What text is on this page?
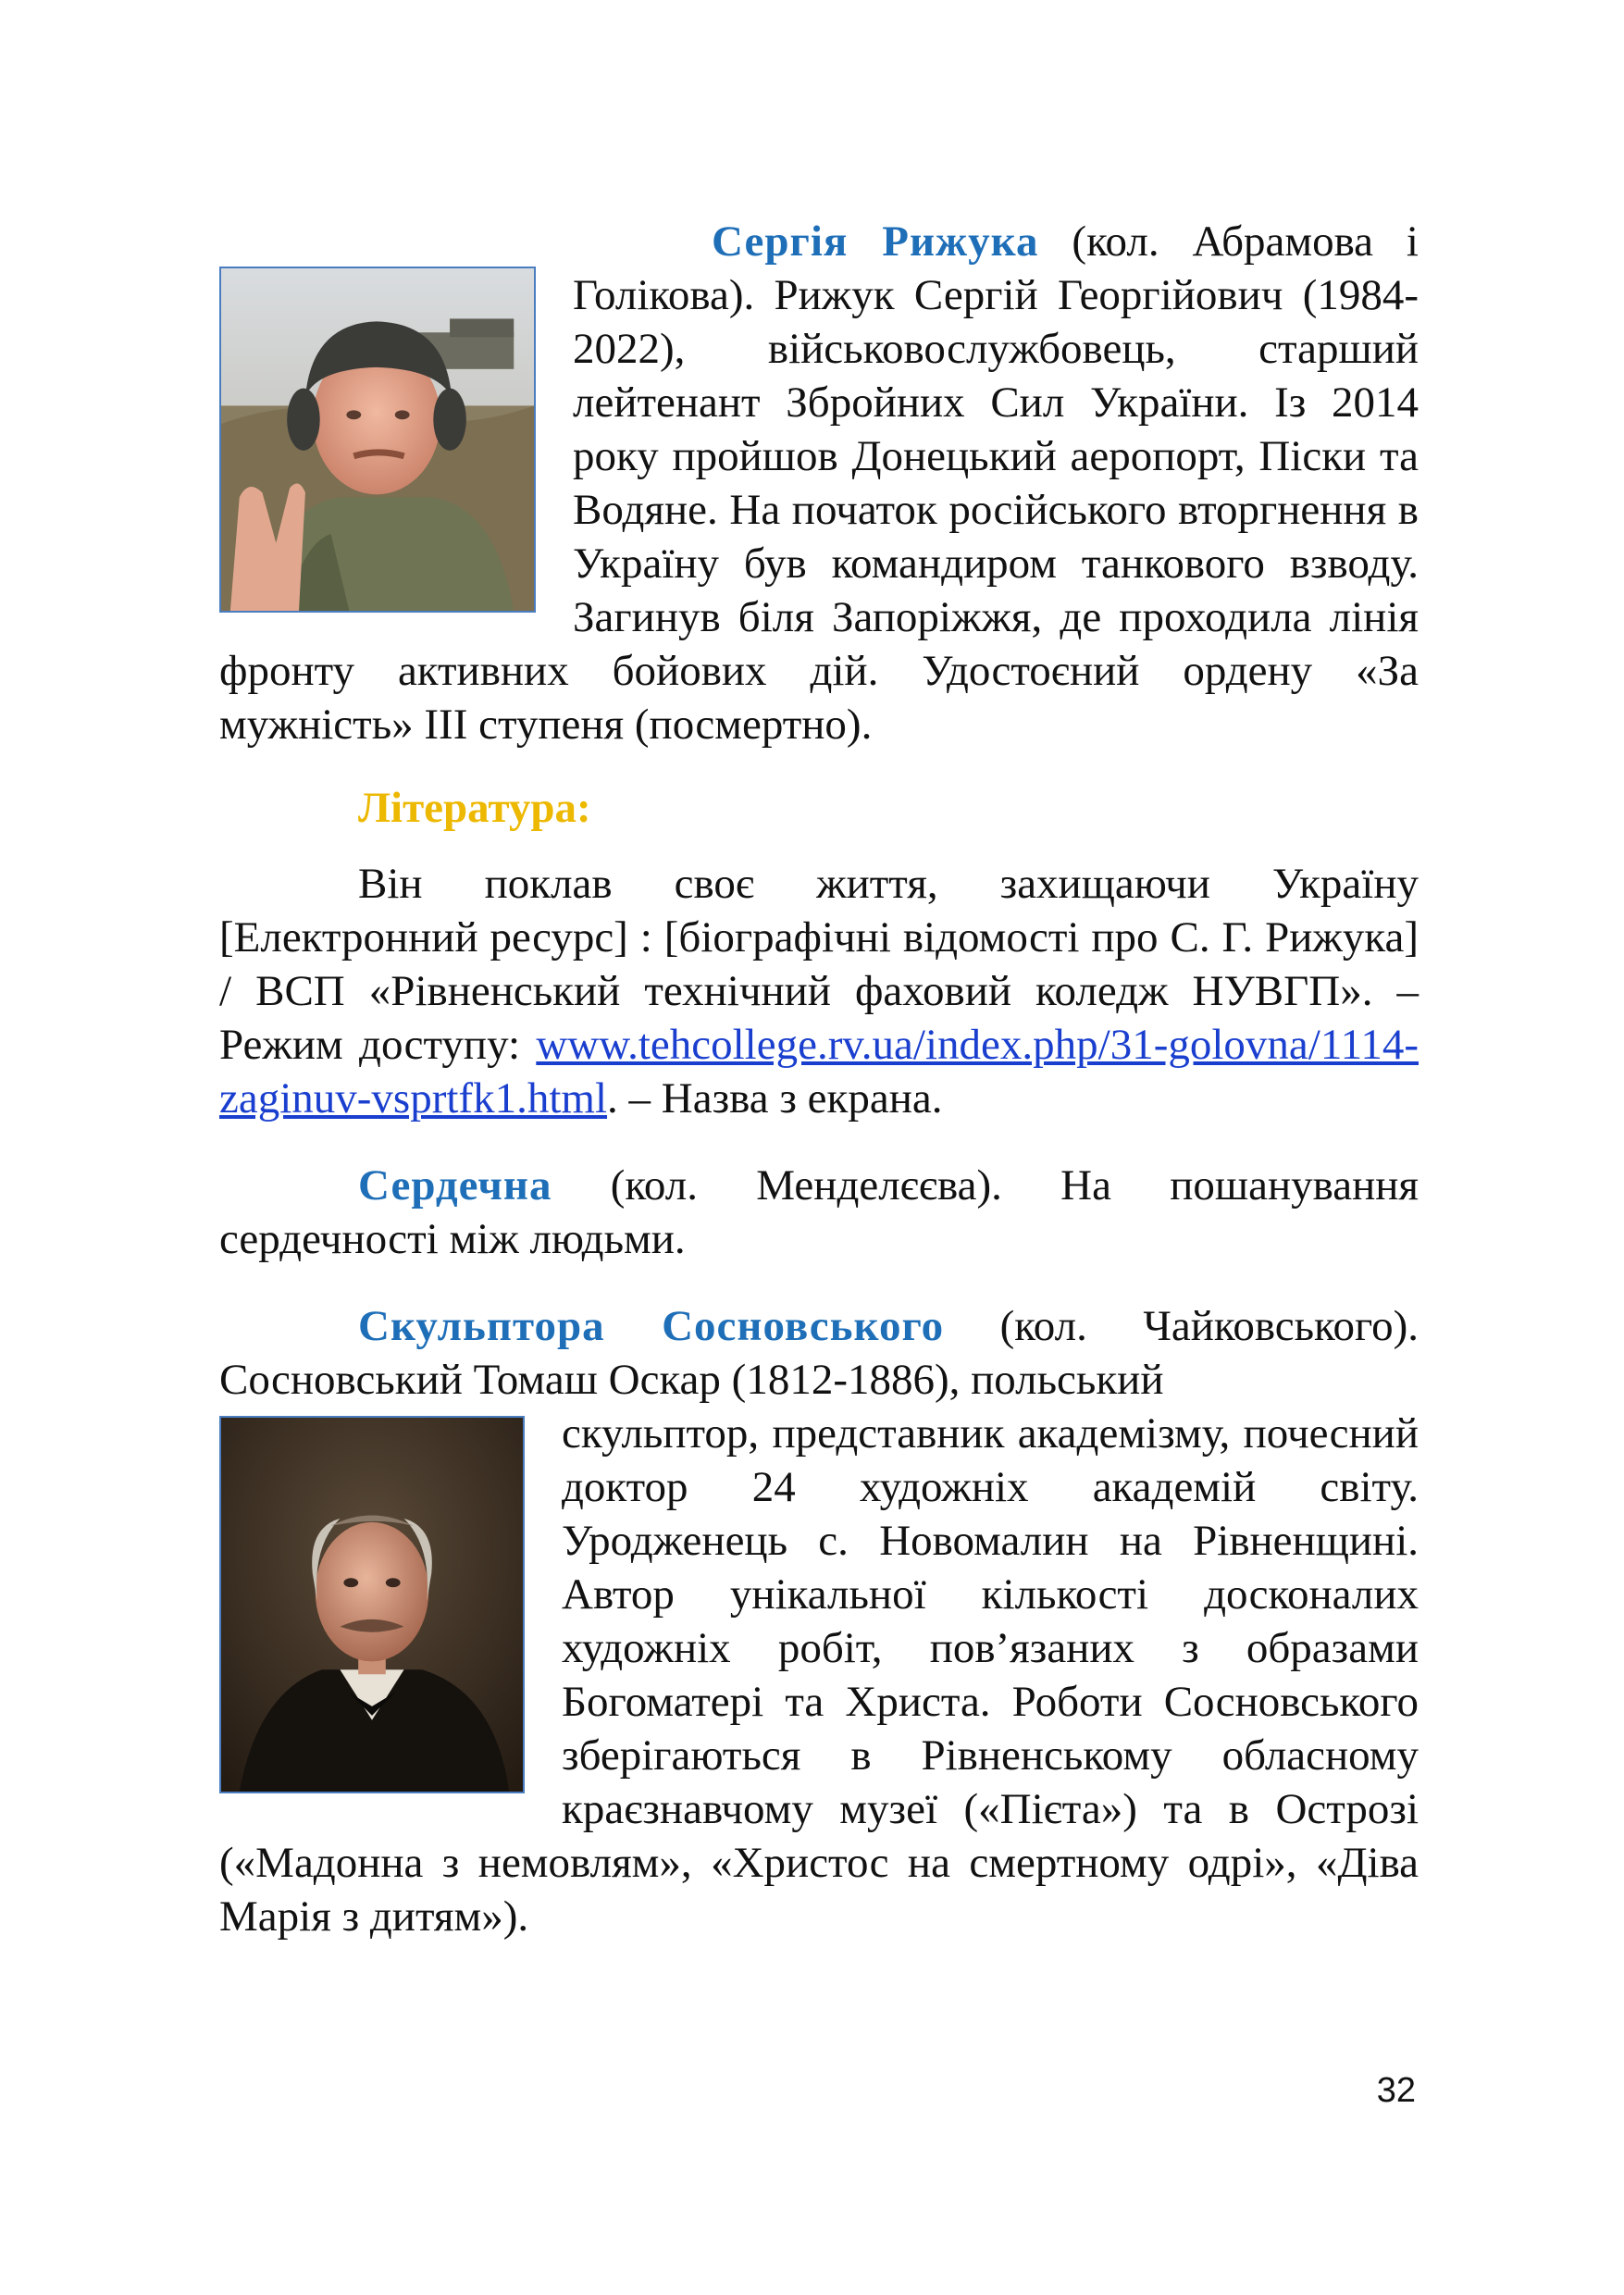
Сергія Рижука (кол. Абрамова і Голікова). Рижук Сергій Георгійович (1984-2022), військовослужбовець, старший лейтенант Збройних Сил України. Із 2014 року пройшов Донецький аеропорт, Піски та Водяне. На початок російського вторгнення в Україну був командиром танкового взводу. Загинув біля Запоріжжя, де проходила лінія фронту активних бойових дій. Удостоєний ордену «За мужність» ІІІ ступеня (посмертно).

Література:

Він поклав своє життя, захищаючи Україну [Електронний ресурс] : [біографічні відомості про С. Г. Рижука] / ВСП «Рівненський технічний фаховий коледж НУВГП». – Режим доступу: www.tehcollege.rv.ua/index.php/31-golovna/1114-zaginuv-vsprtfk1.html. – Назва з екрана.

Сердечна (кол. Менделєєва). На пошанування сердечності між людьми.

Скульптора Сосновського (кол. Чайковського). Сосновський Томаш Оскар (1812-1886), польський

скульптор, представник академізму, почесний доктор 24 художніх академій світу. Уродженець с. Новомалин на Рівненщині. Автор унікальної кількості досконалих художніх робіт, пов’язаних з образами Богоматері та Христа. Роботи Сосновського зберігаються в Рівненському обласному краєзнавчому музеї («Пієта») та в Острозі («Мадонна з немовлям», «Христос на смертному одрі», «Діва Марія з дитям»).

32
